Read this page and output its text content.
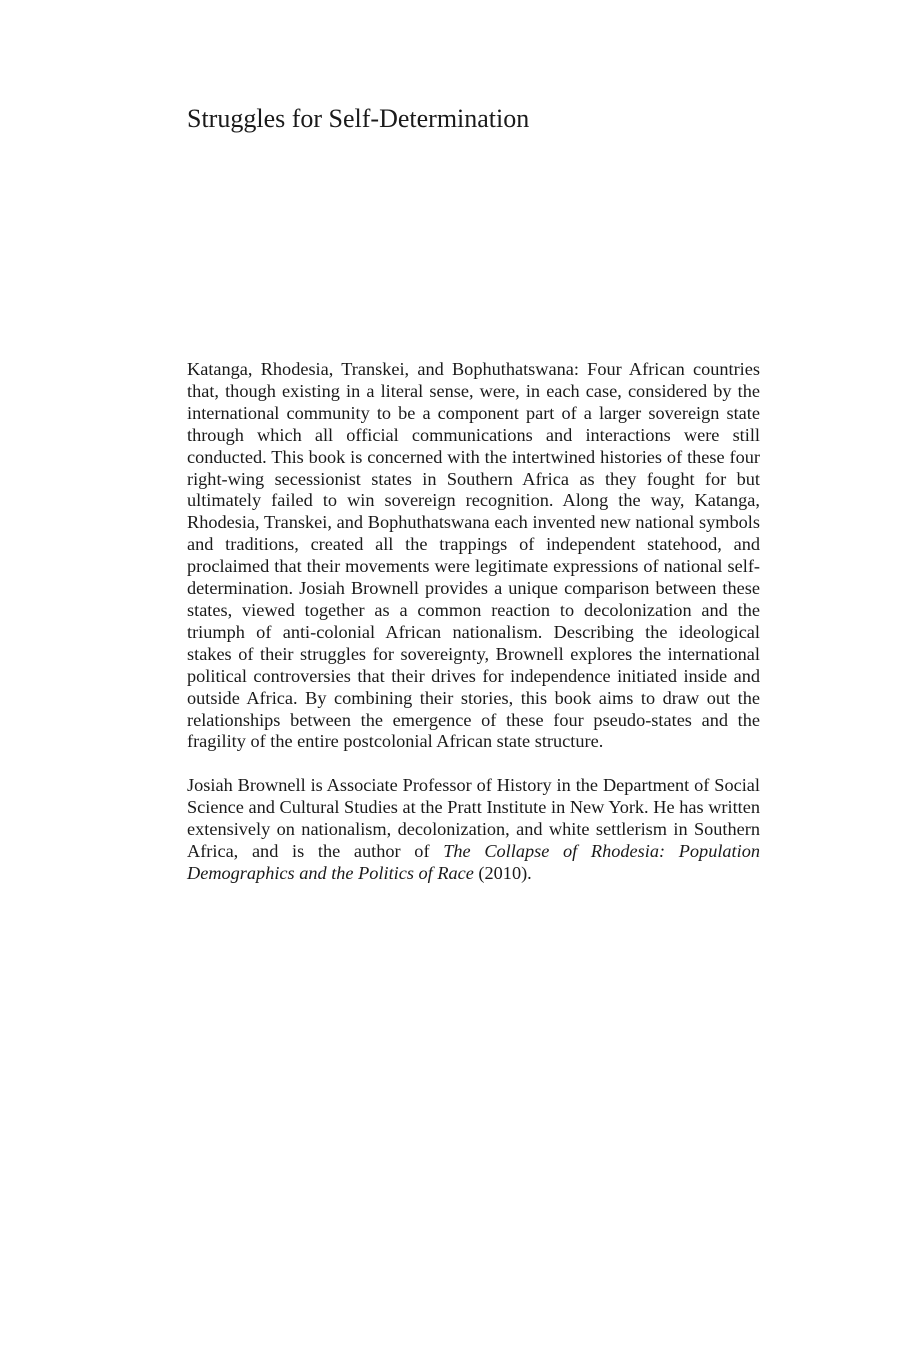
Struggles for Self-Determination

Katanga, Rhodesia, Transkei, and Bophuthatswana: Four African countries that, though existing in a literal sense, were, in each case, considered by the international community to be a component part of a larger sovereign state through which all official communications and interactions were still conducted. This book is concerned with the intertwined histories of these four right-wing secessionist states in Southern Africa as they fought for but ultimately failed to win sovereign recognition. Along the way, Katanga, Rhodesia, Transkei, and Bophuthatswana each invented new national symbols and traditions, created all the trappings of independent statehood, and proclaimed that their movements were legitimate expressions of national self-determination. Josiah Brownell provides a unique comparison between these states, viewed together as a common reaction to decolonization and the triumph of anti-colonial African nationalism. Describing the ideological stakes of their struggles for sovereignty, Brownell explores the international political controversies that their drives for independence initiated inside and outside Africa. By combining their stories, this book aims to draw out the relationships between the emergence of these four pseudo-states and the fragility of the entire postcolonial African state structure.

Josiah Brownell is Associate Professor of History in the Department of Social Science and Cultural Studies at the Pratt Institute in New York. He has written extensively on nationalism, decolonization, and white settlerism in Southern Africa, and is the author of The Collapse of Rhodesia: Population Demographics and the Politics of Race (2010).
